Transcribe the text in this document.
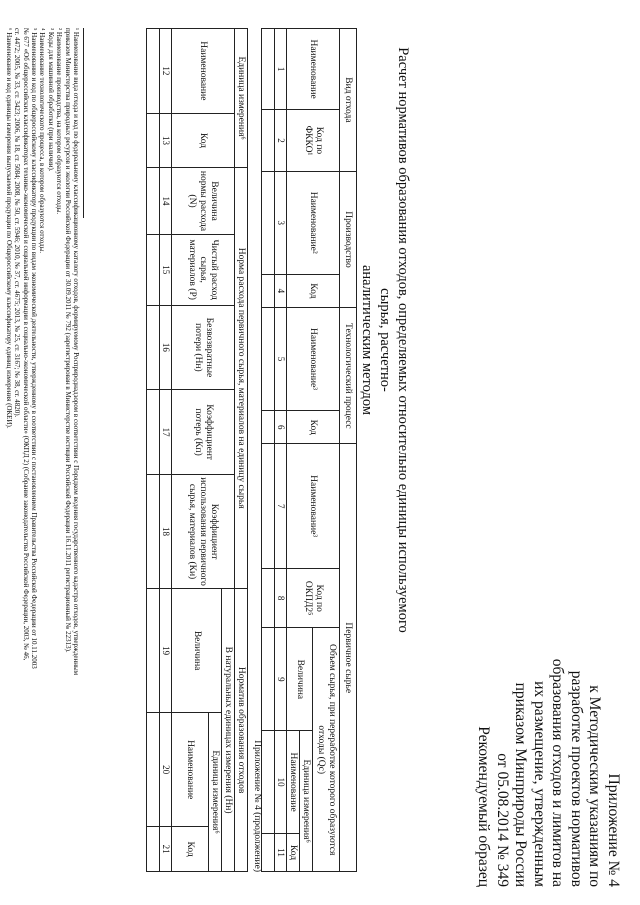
Приложение № 4
к Методическим указаниям по
разработке проектов нормативов
образования отходов и лимитов на
их размещение, утвержденным
приказом Минприроды России
от 05.08.2014 № 349
Рекомендуемый образец
Расчет нормативов образования отходов, определяемых относительно единицы используемого сырья, расчетно-
аналитическим методом
Вид отхода		Производство		Технологический процесс		Первичное сырье				
Наименование	Код по ФККО¹	Наименование²	Код	Наименование³	Код	Наименование³	Код по ОКПД2⁵	Объем сырья, при переработке которого образуются отходы (Qс)		
								Величина	Единица измерения⁶	
									Наименование	Код
1	2	3	4	5	6	7	8	9	10	11

Приложение № 4 (продолжение)
Единица измерения⁶		Норма расхода первичного сырья, материалов на единицу сырья					Норматив образования отходов		
Наименование	Код	Величина нормы расхода (N)	Чистый расход сырья, материалов (Р)	Безвозвратные потери (Нн)	Коэффициент потерь (Кп)	Коэффициент использования первичного сырья, материалов (Ки)	В натуральных единицах измерения (Нн)		
							Величина	Единица измерения⁶	
								Наименование	Код
12	13	14	15	16	17	18	19	20	21

¹ Наименование вида отхода и код по федеральному классификационному каталогу отходов, формируемому Росприроднадзором в соответствии с Порядком ведения государственного кадастра отходов, утвержденным
приказом Министерства природных ресурсов и экологии Российской Федерации от 30.09.2011 № 792 (зарегистрирован в Министерстве юстиции Российской Федерации 16.11.2011 регистрационный № 22313).
² Наименование производства, на котором образуются отходы.
³ Коды для машинной обработки (при наличии).
⁴ Наименование технологического процесса, в котором образуются отходы.
⁵ Наименование и код по общероссийскому классификатору продукции по видам экономической деятельности, утвержденному в соответствии с постановлением Правительства Российской Федерации от 10.11.2003
№ 677 «Об общероссийских классификаторах технико-экономической и социальной информации в социально-экономической области» (ОКПД 2) (Собрание законодательства Российской Федерации, 2003, № 46,
ст. 4472; 2005, № 33, ст. 3423; 2006, № 18, ст. 5084; 2008, № 50, ст. 5946; 2010, № 37, ст. 4675; 2013, № 25, ст. 3167; № 38, ст. 4820).
⁶ Наименование и код единицы измерения выпускаемой продукции по Общероссийскому классификатору единиц измерения (ОКЕИ).
